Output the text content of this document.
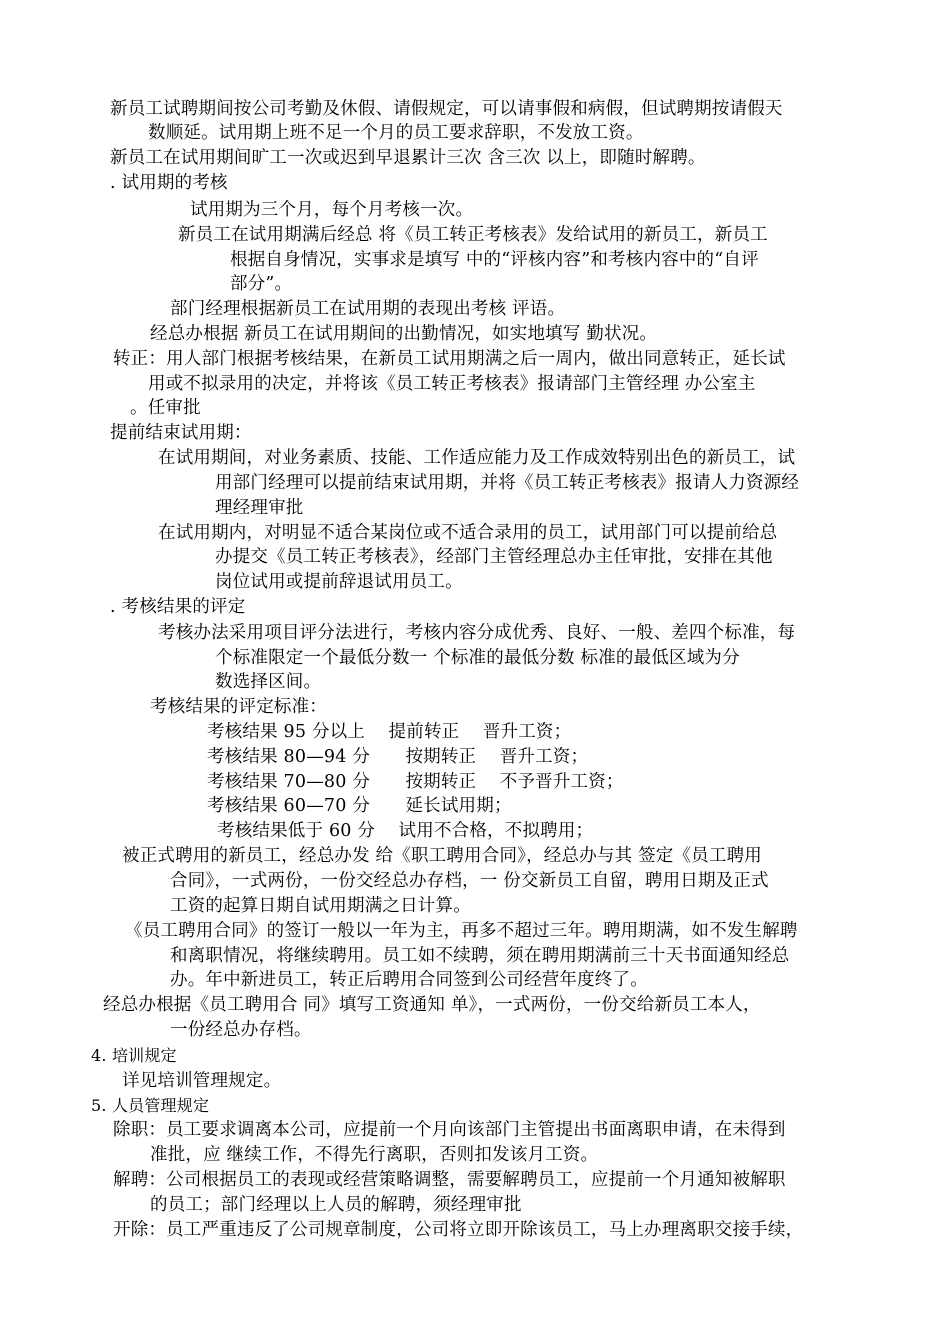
新员工试聘期间按公司考勤及休假、请假规定，可以请事假和病假，但试聘期按请假天
数顺延。试用期上班不足一个月的员工要求辞职，不发放工资。
新员工在试用期间旷工一次或迟到早退累计三次 含三次 以上，即随时解聘。
. 试用期的考核
试用期为三个月，每个月考核一次。
新员工在试用期满后经总 将《员工转正考核表》发给试用的新员工，新员工
根据自身情况，实事求是填写 中的“评核内容”和考核内容中的“自评
部分”。
部门经理根据新员工在试用期的表现出考核 评语。
经总办根据 新员工在试用期间的出勤情况，如实地填写 勤状况。
转正：用人部门根据考核结果，在新员工试用期满之后一周内，做出同意转正，延长试
用或不拟录用的决定，并将该《员工转正考核表》报请部门主管经理 办公室主
。任审批
提前结束试用期：
在试用期间，对业务素质、技能、工作适应能力及工作成效特别出色的新员工，试
用部门经理可以提前结束试用期，并将《员工转正考核表》报请人力资源经
理经理审批
在试用期内，对明显不适合某岗位或不适合录用的员工，试用部门可以提前给总
办提交《员工转正考核表》，经部门主管经理总办主任审批，安排在其他
岗位试用或提前辞退试用员工。
. 考核结果的评定
考核办法采用项目评分法进行，考核内容分成优秀、良好、一般、差四个标准，每
个标准限定一个最低分数一 个标准的最低分数 标准的最低区域为分
数选择区间。
考核结果的评定标准：
考核结果 95 分以上　 提前转正　 晋升工资；
考核结果 80—94 分　　按期转正　 晋升工资；
考核结果 70—80 分　　按期转正　 不予晋升工资；
考核结果 60—70 分　　延长试用期；
考核结果低于 60 分　 试用不合格，不拟聘用；
被正式聘用的新员工，经总办发 给《职工聘用合同》，经总办与其 签定《员工聘用
合同》，一式两份，一份交经总办存档，一 份交新员工自留，聘用日期及正式
工资的起算日期自试用期满之日计算。
《员工聘用合同》的签订一般以一年为主，再多不超过三年。聘用期满，如不发生解聘
和离职情况，将继续聘用。员工如不续聘，须在聘用期满前三十天书面通知经总
办。年中新进员工，转正后聘用合同签到公司经营年度终了。
经总办根据《员工聘用合 同》填写工资通知 单》，一式两份，一份交给新员工本人，
一份经总办存档。
4. 培训规定
详见培训管理规定。
5. 人员管理规定
除职：员工要求调离本公司，应提前一个月向该部门主管提出书面离职申请，在未得到
准批，应 继续工作，不得先行离职，否则扣发该月工资。
解聘：公司根据员工的表现或经营策略调整，需要解聘员工，应提前一个月通知被解职
的员工；部门经理以上人员的解聘，须经理审批
开除：员工严重违反了公司规章制度，公司将立即开除该员工，马上办理离职交接手续，
